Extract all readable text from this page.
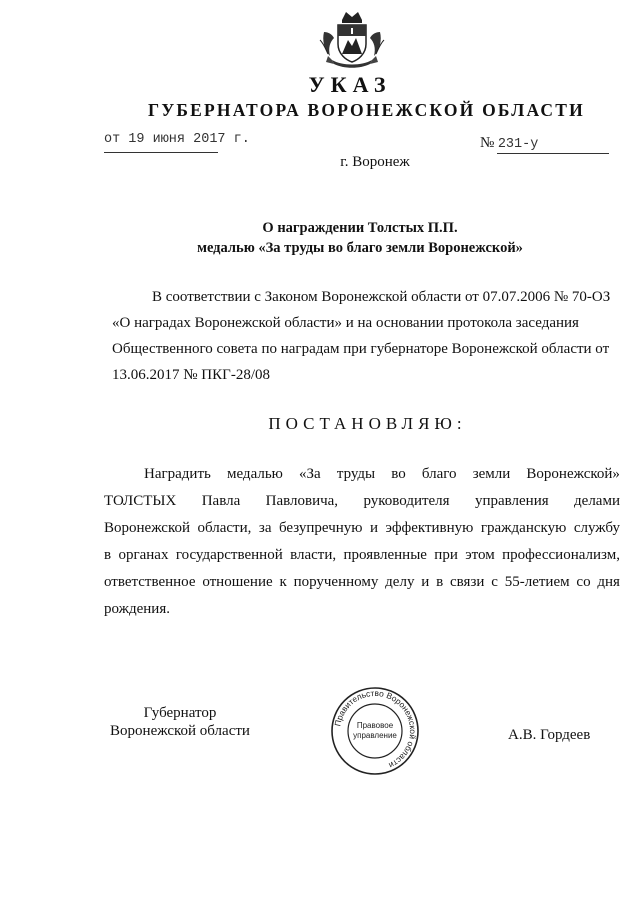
УКАЗ
ГУБЕРНАТОРА ВОРОНЕЖСКОЙ ОБЛАСТИ
от 19 июня 2017 г.	№ 231-у
г. Воронеж
О награждении Толстых П.П.
медалью «За труды во благо земли Воронежской»
В соответствии с Законом Воронежской области от 07.07.2006 № 70-ОЗ
«О наградах Воронежской области» и на основании протокола заседания
Общественного совета по наградам при губернаторе Воронежской области от
13.06.2017 № ПКГ-28/08
ПОСТАНОВЛЯЮ:
Наградить медалью «За труды во благо земли Воронежской»
ТОЛСТЫХ Павла Павловича, руководителя управления делами
Воронежской области, за безупречную и эффективную гражданскую службу
в органах государственной власти, проявленные при этом профессионализм,
ответственное отношение к порученному делу и в связи с 55-летием со дня
рождения.
Губернатор
Воронежской области	Правительство Воронежской области
Правовое
управление	А.В. Гордеев
